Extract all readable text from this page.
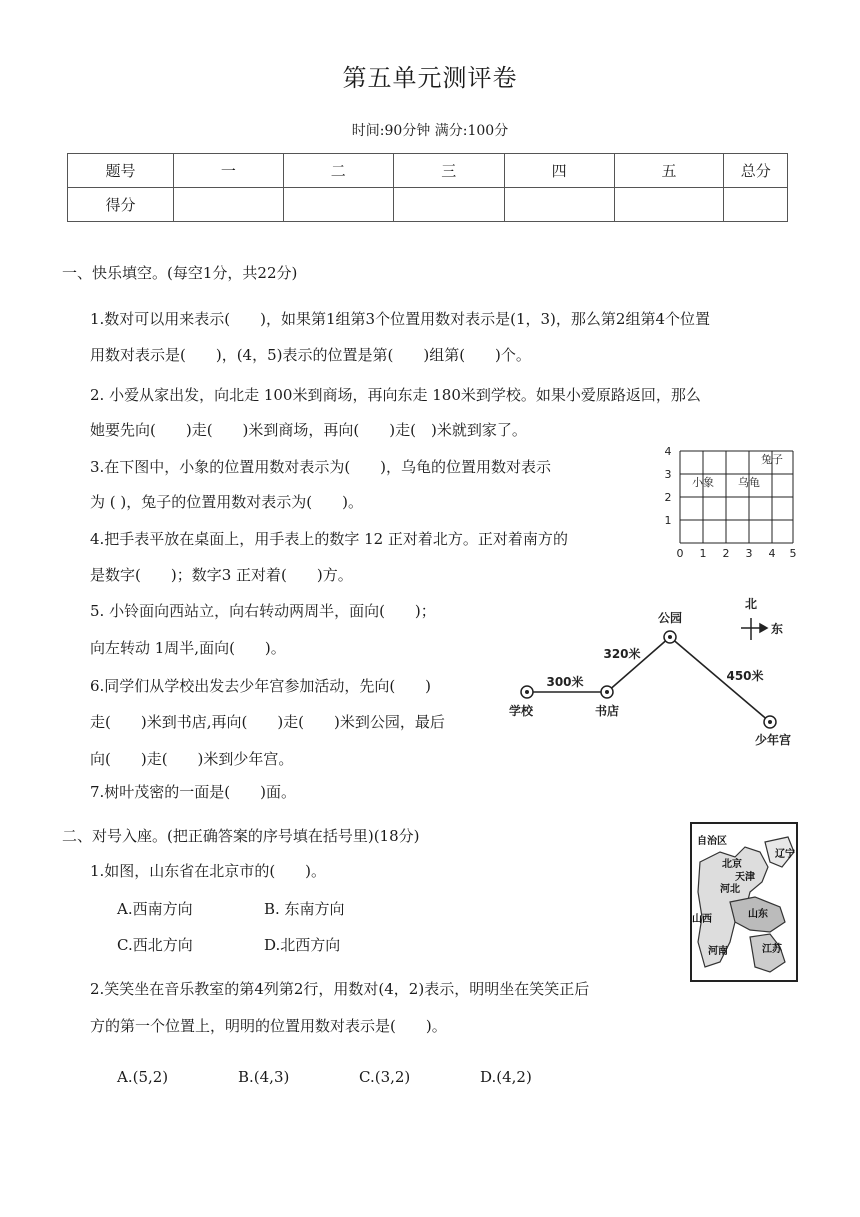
第五单元测评卷
时间:90分钟 满分:100分
题号	一	二	三	四	五	总分
得分						
一、快乐填空。(每空1分，共22分)
1.数对可以用来表示(　　)，如果第1组第3个位置用数对表示是(1，3)，那么第2组第4个位置
用数对表示是(　　)，(4，5)表示的位置是第(　　)组第(　　)个。
2. 小爱从家出发，向北走 100米到商场，再向东走 180米到学校。如果小爱原路返回，那么
她要先向(　　)走(　　)米到商场，再向(　　)走(　)米就到家了。
3.在下图中，小象的位置用数对表示为(　　)，乌龟的位置用数对表示
为 ( )，兔子的位置用数对表示为(　　)。
4.把手表平放在桌面上，用手表上的数字 12 正对着北方。正对着南方的
是数字(　　)；数字3 正对着(　　)方。
5. 小铃面向西站立，向右转动两周半，面向(　　)；
向左转动 1周半,面向(　　)。
6.同学们从学校出发去少年宫参加活动，先向(　　)
走(　　)米到书店,再向(　　)走(　　)米到公园，最后
向(　　)走(　　)米到少年宫。
7.树叶茂密的一面是(　　)面。
0 1 2 3 4 5
1
2
3
4
兔子
小象 乌龟
北
东
学校	书店
公园
少年宫
300米
320米
450米
二、对号入座。(把正确答案的序号填在括号里)(18分)
1.如图，山东省在北京市的(　　)。
A.西南方向	B. 东南方向
C.西北方向	D.北西方向
自治区
辽宁
北京
天津
河北
山西	山东
河南	江苏
2.笑笑坐在音乐教室的第4列第2行，用数对(4，2)表示，明明坐在笑笑正后
方的第一个位置上，明明的位置用数对表示是(　　)。
A.(5,2)	B.(4,3)	C.(3,2)	D.(4,2)
